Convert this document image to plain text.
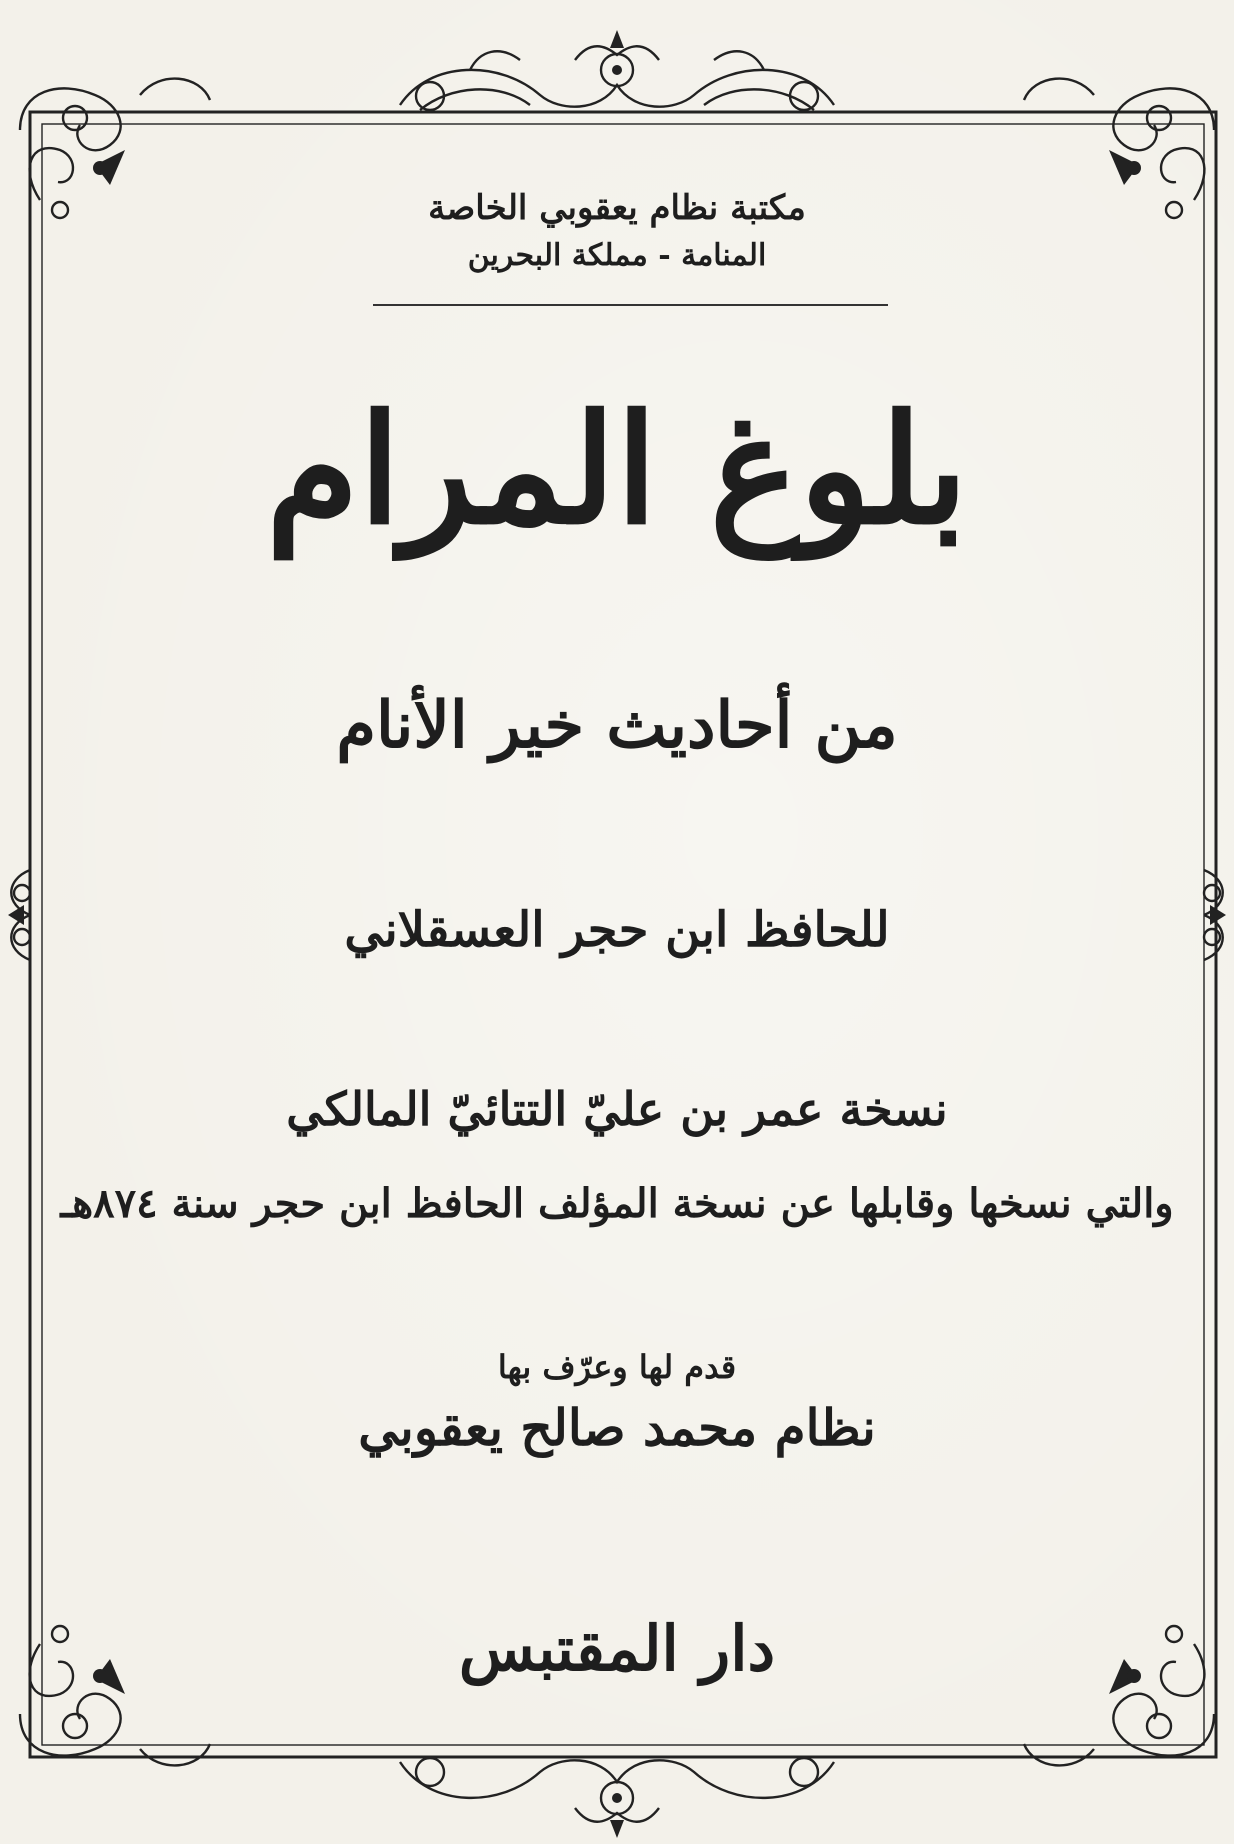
مكتبة نظام يعقوبي الخاصة
المنامة - مملكة البحرين
بلوغ المرام
من أحاديث خير الأنام
للحافظ ابن حجر العسقلاني
نسخة عمر بن عليّ التتائيّ المالكي
والتي نسخها وقابلها عن نسخة المؤلف الحافظ ابن حجر سنة ٨٧٤هـ
قدم لها وعرّف بها
نظام محمد صالح يعقوبي
دار المقتبس
